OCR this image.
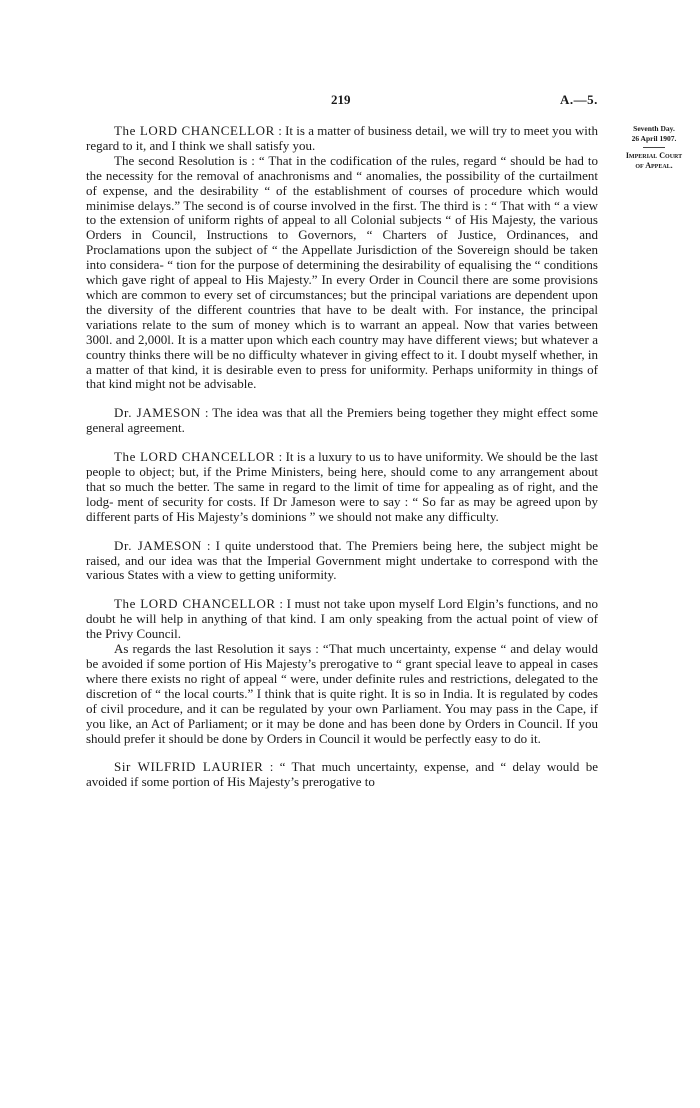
219	A.—5.
Seventh Day.
26 April 1907.
Imperial Court
of Appeal.

The LORD CHANCELLOR : It is a matter of business detail, we will try to meet you with regard to it, and I think we shall satisfy you.

The second Resolution is : “ That in the codification of the rules, regard “ should be had to the necessity for the removal of anachronisms and “ anomalies, the possibility of the curtailment of expense, and the desirability “ of the establishment of courses of procedure which would minimise delays.” The second is of course involved in the first. The third is : “ That with “ a view to the extension of uniform rights of appeal to all Colonial subjects “ of His Majesty, the various Orders in Council, Instructions to Governors, “ Charters of Justice, Ordinances, and Proclamations upon the subject of “ the Appellate Jurisdiction of the Sovereign should be taken into considera- “ tion for the purpose of determining the desirability of equalising the “ conditions which gave right of appeal to His Majesty.” In every Order in Council there are some provisions which are common to every set of circumstances; but the principal variations are dependent upon the diversity of the different countries that have to be dealt with. For instance, the principal variations relate to the sum of money which is to warrant an appeal. Now that varies between 300l. and 2,000l. It is a matter upon which each country may have different views; but whatever a country thinks there will be no difficulty whatever in giving effect to it. I doubt myself whether, in a matter of that kind, it is desirable even to press for uniformity. Perhaps uniformity in things of that kind might not be advisable.

Dr. JAMESON : The idea was that all the Premiers being together they might effect some general agreement.

The LORD CHANCELLOR : It is a luxury to us to have uniformity. We should be the last people to object; but, if the Prime Ministers, being here, should come to any arrangement about that so much the better. The same in regard to the limit of time for appealing as of right, and the lodg- ment of security for costs. If Dr Jameson were to say : “ So far as may be agreed upon by different parts of His Majesty’s dominions ” we should not make any difficulty.

Dr. JAMESON : I quite understood that. The Premiers being here, the subject might be raised, and our idea was that the Imperial Government might undertake to correspond with the various States with a view to getting uniformity.

The LORD CHANCELLOR : I must not take upon myself Lord Elgin’s functions, and no doubt he will help in anything of that kind. I am only speaking from the actual point of view of the Privy Council.

As regards the last Resolution it says : “That much uncertainty, expense “ and delay would be avoided if some portion of His Majesty’s prerogative to “ grant special leave to appeal in cases where there exists no right of appeal “ were, under definite rules and restrictions, delegated to the discretion of “ the local courts.” I think that is quite right. It is so in India. It is regulated by codes of civil procedure, and it can be regulated by your own Parliament. You may pass in the Cape, if you like, an Act of Parliament; or it may be done and has been done by Orders in Council. If you should prefer it should be done by Orders in Council it would be perfectly easy to do it.

Sir WILFRID LAURIER : “ That much uncertainty, expense, and “ delay would be avoided if some portion of His Majesty’s prerogative to
